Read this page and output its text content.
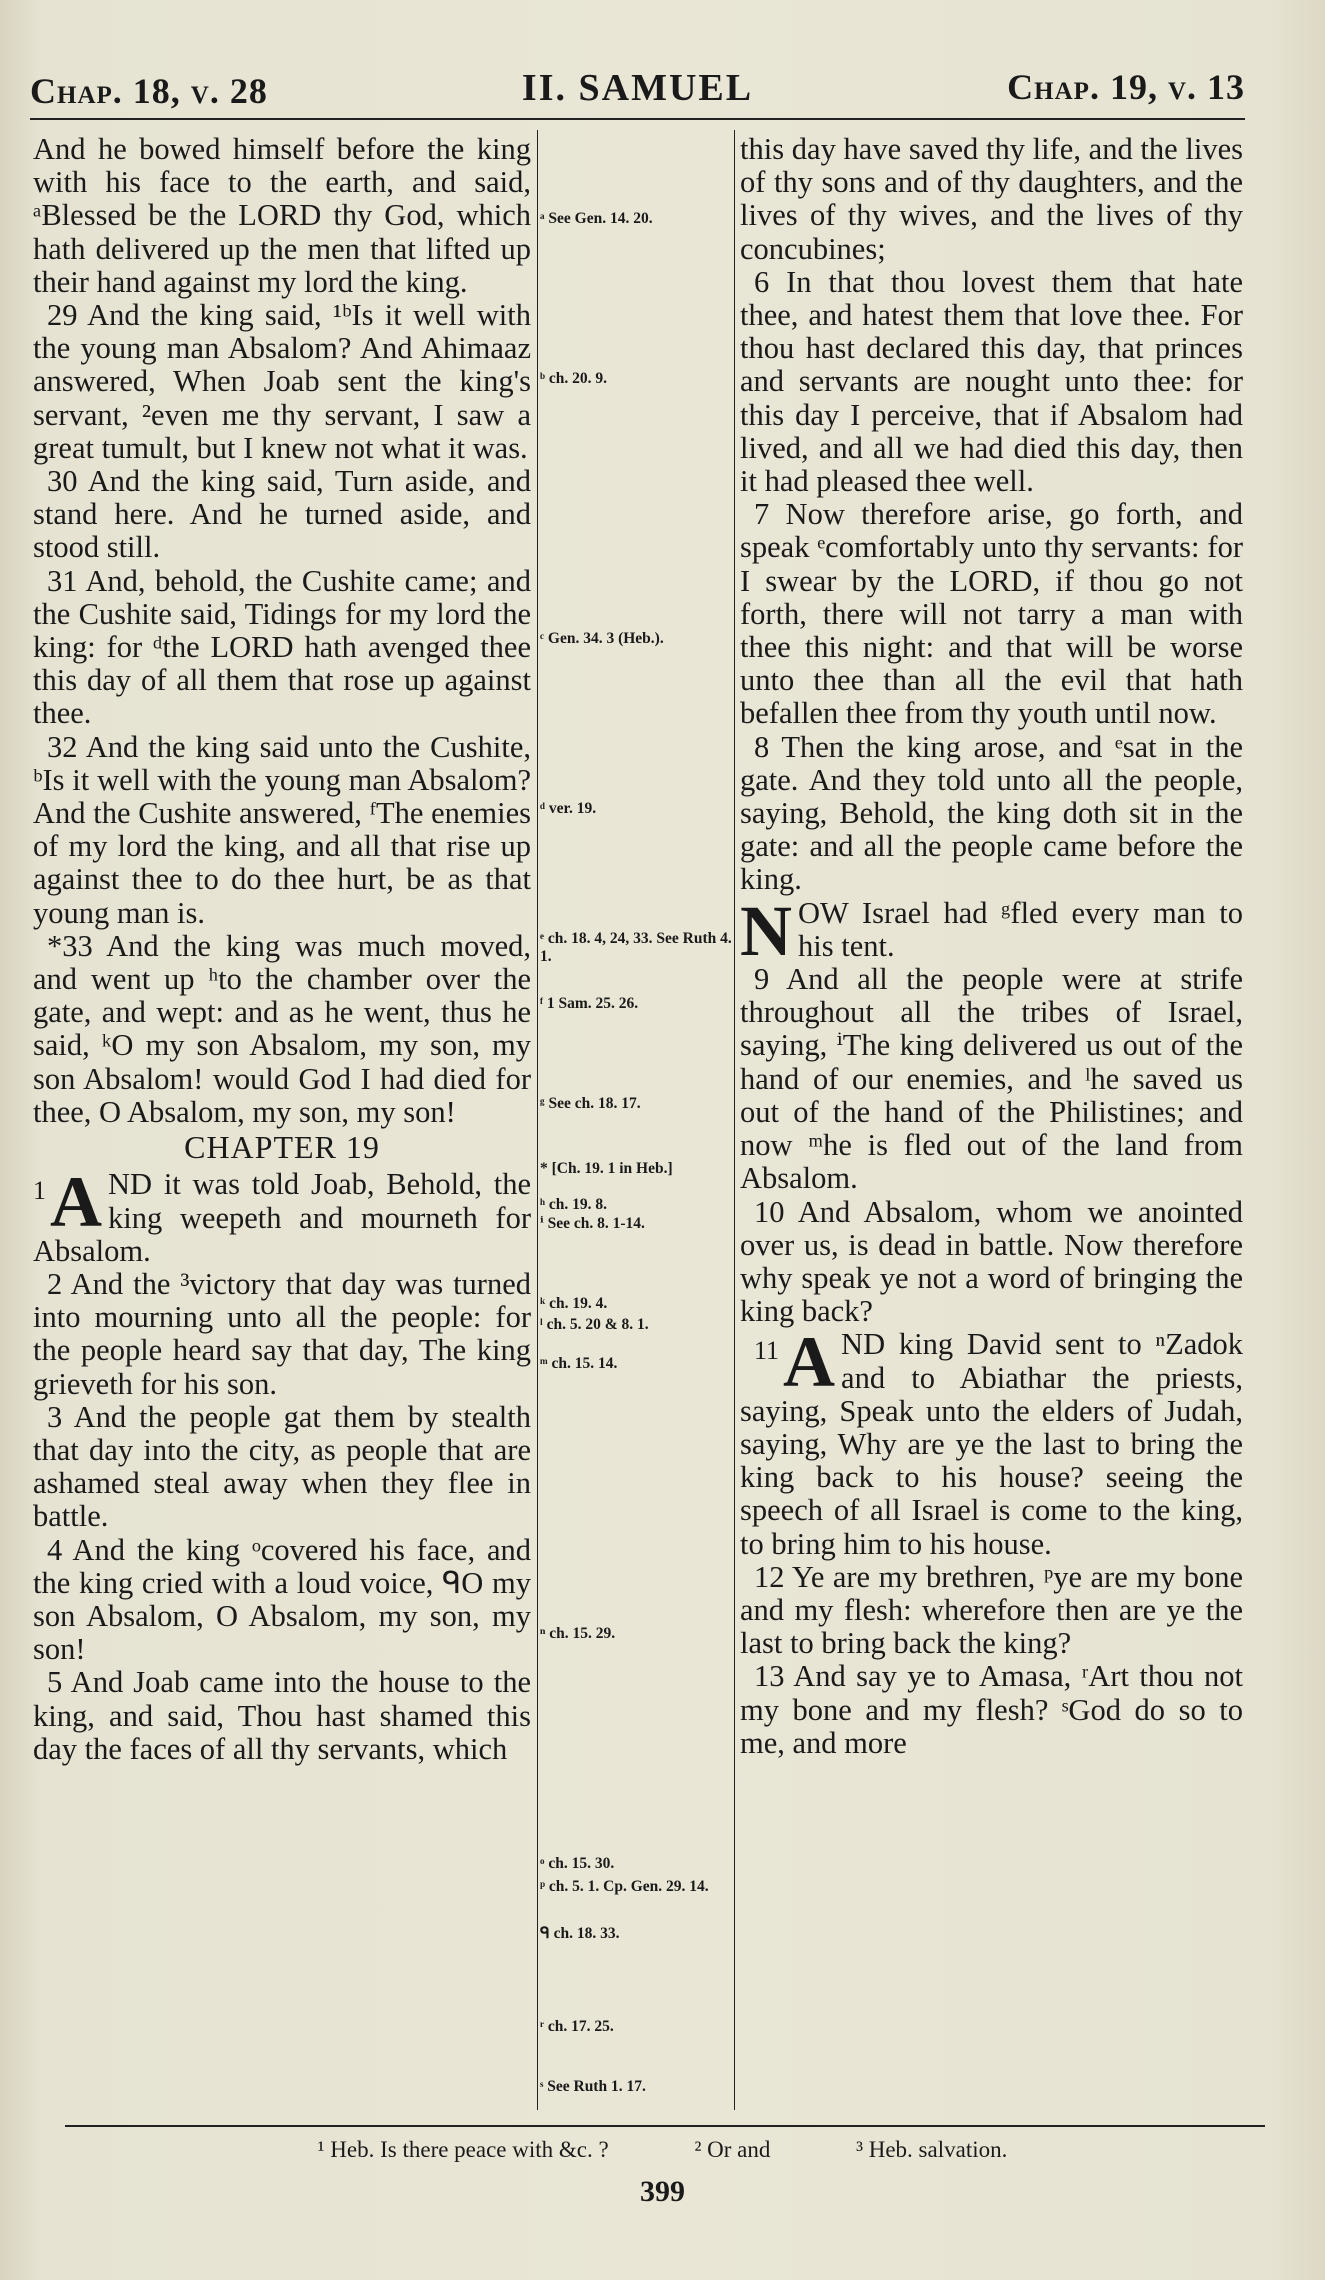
Chap. 18, v. 28	II. SAMUEL	Chap. 19, v. 13

And he bowed himself before the king with his face to the earth, and said, ᵃBlessed be the LORD thy God, which hath delivered up the men that lifted up their hand against my lord the king.

29 And the king said, ¹ᵇIs it well with the young man Absalom? And Ahimaaz answered, When Joab sent the king's servant, ²even me thy servant, I saw a great tumult, but I knew not what it was.

30 And the king said, Turn aside, and stand here. And he turned aside, and stood still.

31 And, behold, the Cushite came; and the Cushite said, Tidings for my lord the king: for ᵈthe LORD hath avenged thee this day of all them that rose up against thee.

32 And the king said unto the Cushite, ᵇIs it well with the young man Absalom? And the Cushite answered, ᶠThe enemies of my lord the king, and all that rise up against thee to do thee hurt, be as that young man is.

*33 And the king was much moved, and went up ʰto the chamber over the gate, and wept: and as he went, thus he said, ᵏO my son Absalom, my son, my son Absalom! would God I had died for thee, O Absalom, my son, my son!

CHAPTER 19

1 A ND it was told Joab, Behold, the king weepeth and mourneth for Absalom.

2 And the ³victory that day was turned into mourning unto all the people: for the people heard say that day, The king grieveth for his son.

3 And the people gat them by stealth that day into the city, as people that are ashamed steal away when they flee in battle.

4 And the king ᵒcovered his face, and the king cried with a loud voice, ᑫO my son Absalom, O Absalom, my son, my son!

5 And Joab came into the house to the king, and said, Thou hast shamed this day the faces of all thy servants, which

ᵃ See Gen. 14. 20.
ᵇ ch. 20. 9.
ᶜ Gen. 34. 3 (Heb.).
ᵈ ver. 19.
ᵉ ch. 18. 4, 24, 33. See Ruth 4. 1.
ᶠ 1 Sam. 25. 26.
ᵍ See ch. 18. 17.
* [Ch. 19. 1 in Heb.]
ʰ ch. 19. 8.
ⁱ See ch. 8. 1-14.
ᵏ ch. 19. 4.
ˡ ch. 5. 20 & 8. 1.
ᵐ ch. 15. 14.
ⁿ ch. 15. 29.
ᵒ ch. 15. 30.
ᵖ ch. 5. 1. Cp. Gen. 29. 14.
ᑫ ch. 18. 33.
ʳ ch. 17. 25.
ˢ See Ruth 1. 17.

this day have saved thy life, and the lives of thy sons and of thy daughters, and the lives of thy wives, and the lives of thy concubines;

6 In that thou lovest them that hate thee, and hatest them that love thee. For thou hast declared this day, that princes and servants are nought unto thee: for this day I perceive, that if Absalom had lived, and all we had died this day, then it had pleased thee well.

7 Now therefore arise, go forth, and speak ᵉcomfortably unto thy servants: for I swear by the LORD, if thou go not forth, there will not tarry a man with thee this night: and that will be worse unto thee than all the evil that hath befallen thee from thy youth until now.

8 Then the king arose, and ᵉsat in the gate. And they told unto all the people, saying, Behold, the king doth sit in the gate: and all the people came before the king.

N OW Israel had ᵍfled every man to his tent.

9 And all the people were at strife throughout all the tribes of Israel, saying, ⁱThe king delivered us out of the hand of our enemies, and ˡhe saved us out of the hand of the Philistines; and now ᵐhe is fled out of the land from Absalom.

10 And Absalom, whom we anointed over us, is dead in battle. Now therefore why speak ye not a word of bringing the king back?

11 A ND king David sent to ⁿZadok and to Abiathar the priests, saying, Speak unto the elders of Judah, saying, Why are ye the last to bring the king back to his house? seeing the speech of all Israel is come to the king, to bring him to his house.

12 Ye are my brethren, ᵖye are my bone and my flesh: wherefore then are ye the last to bring back the king?

13 And say ye to Amasa, ʳArt thou not my bone and my flesh? ˢGod do so to me, and more

¹ Heb. Is there peace with &c. ?	² Or and	³ Heb. salvation.
399
